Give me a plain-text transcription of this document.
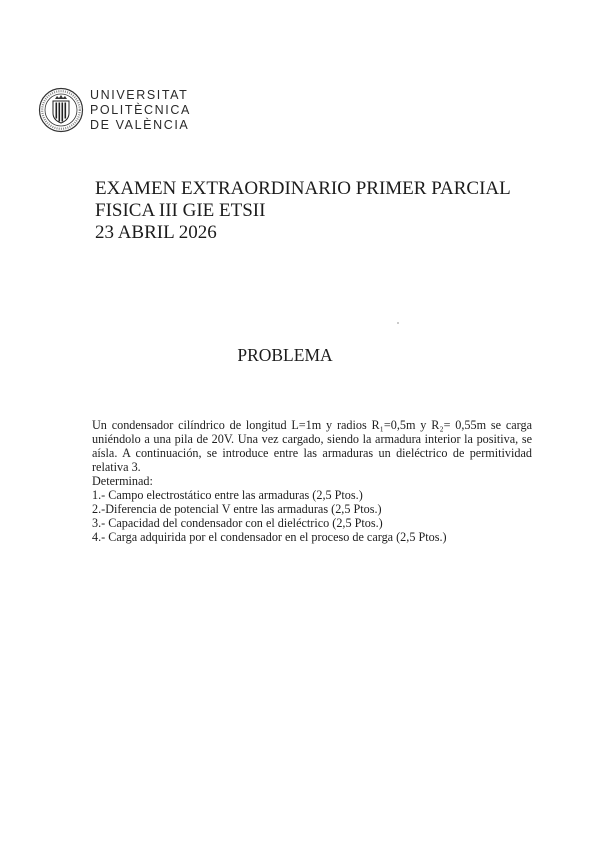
UNIVERSITAT
POLITÈCNICA
DE VALÈNCIA
EXAMEN EXTRAORDINARIO PRIMER PARCIAL
FISICA III GIE ETSII
23 ABRIL 2026
PROBLEMA

Un condensador cilíndrico de longitud L=1m y radios R₁=0,5m y R₂= 0,55m se carga uniéndolo a una pila de 20V. Una vez cargado, siendo la armadura interior la positiva, se aísla. A continuación, se introduce entre las armaduras un dieléctrico de permitividad relativa 3.

Determinad:

1.- Campo electrostático entre las armaduras (2,5 Ptos.)
2.-Diferencia de potencial V entre las armaduras (2,5 Ptos.)
3.- Capacidad del condensador con el dieléctrico (2,5 Ptos.)
4.- Carga adquirida por el condensador en el proceso de carga (2,5 Ptos.)
